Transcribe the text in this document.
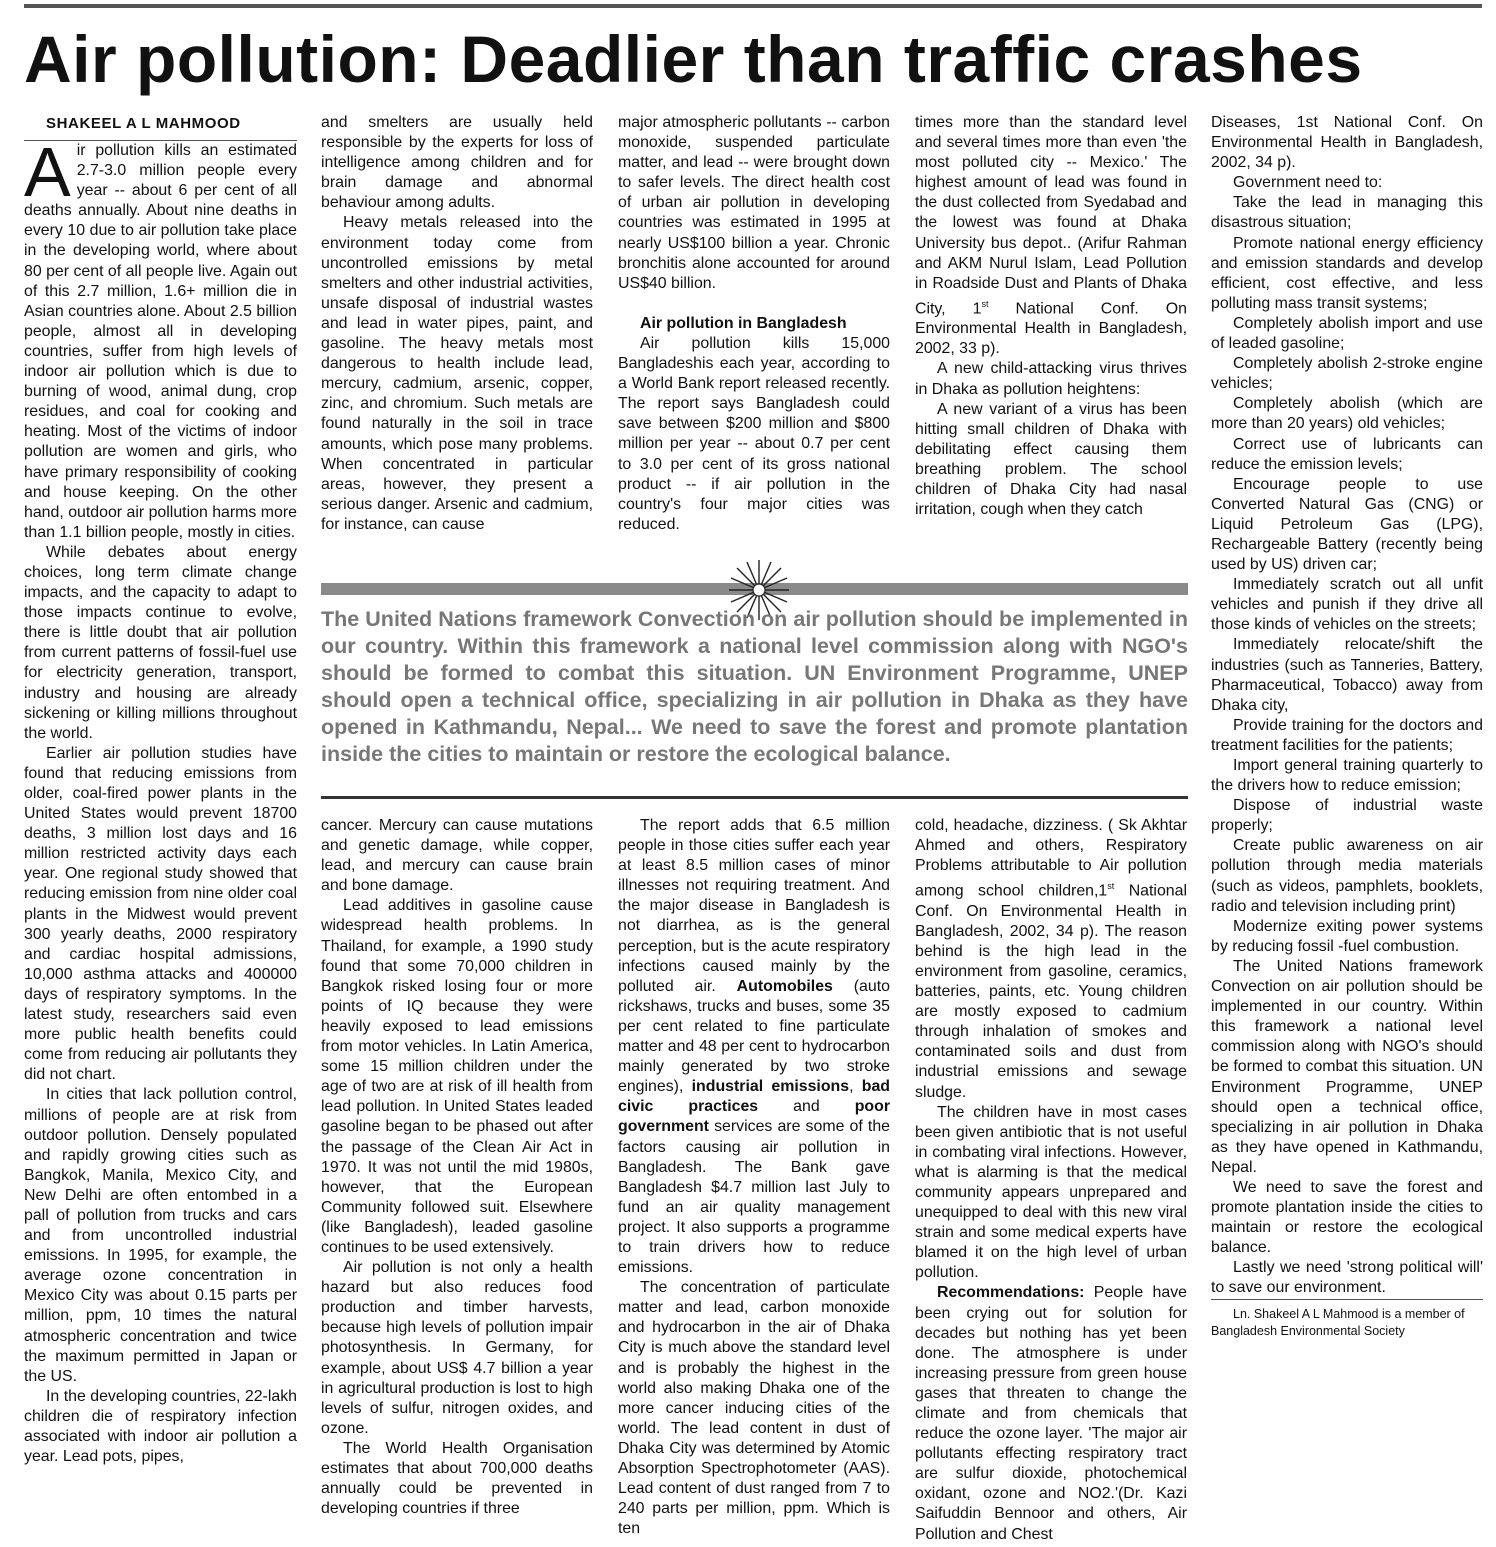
Air pollution: Deadlier than traffic crashes

SHAKEEL A L MAHMOOD

Air pollution kills an estimated 2.7-3.0 million people every year -- about 6 per cent of all deaths annually. About nine deaths in every 10 due to air pollution take place in the developing world, where about 80 per cent of all people live. Again out of this 2.7 million, 1.6+ million die in Asian countries alone. About 2.5 billion people, almost all in developing countries, suffer from high levels of indoor air pollution which is due to burning of wood, animal dung, crop residues, and coal for cooking and heating. Most of the victims of indoor pollution are women and girls, who have primary responsibility of cooking and house keeping. On the other hand, outdoor air pollution harms more than 1.1 billion people, mostly in cities.

While debates about energy choices, long term climate change impacts, and the capacity to adapt to those impacts continue to evolve, there is little doubt that air pollution from current patterns of fossil-fuel use for electricity generation, transport, industry and housing are already sickening or killing millions throughout the world.

Earlier air pollution studies have found that reducing emissions from older, coal-fired power plants in the United States would prevent 18700 deaths, 3 million lost days and 16 million restricted activity days each year. One regional study showed that reducing emission from nine older coal plants in the Midwest would prevent 300 yearly deaths, 2000 respiratory and cardiac hospital admissions, 10,000 asthma attacks and 400000 days of respiratory symptoms. In the latest study, researchers said even more public health benefits could come from reducing air pollutants they did not chart.

In cities that lack pollution control, millions of people are at risk from outdoor pollution. Densely populated and rapidly growing cities such as Bangkok, Manila, Mexico City, and New Delhi are often entombed in a pall of pollution from trucks and cars and from uncontrolled industrial emissions. In 1995, for example, the average ozone concentration in Mexico City was about 0.15 parts per million, ppm, 10 times the natural atmospheric concentration and twice the maximum permitted in Japan or the US.

In the developing countries, 22-lakh children die of respiratory infection associated with indoor air pollution a year. Lead pots, pipes,

and smelters are usually held responsible by the experts for loss of intelligence among children and for brain damage and abnormal behaviour among adults.

Heavy metals released into the environment today come from uncontrolled emissions by metal smelters and other industrial activities, unsafe disposal of industrial wastes and lead in water pipes, paint, and gasoline. The heavy metals most dangerous to health include lead, mercury, cadmium, arsenic, copper, zinc, and chromium. Such metals are found naturally in the soil in trace amounts, which pose many problems. When concentrated in particular areas, however, they present a serious danger. Arsenic and cadmium, for instance, can cause

major atmospheric pollutants -- carbon monoxide, suspended particulate matter, and lead -- were brought down to safer levels. The direct health cost of urban air pollution in developing countries was estimated in 1995 at nearly US$100 billion a year. Chronic bronchitis alone accounted for around US$40 billion.

Air pollution in Bangladesh

Air pollution kills 15,000 Bangladeshis each year, according to a World Bank report released recently. The report says Bangladesh could save between $200 million and $800 million per year -- about 0.7 per cent to 3.0 per cent of its gross national product -- if air pollution in the country's four major cities was reduced.

times more than the standard level and several times more than even 'the most polluted city -- Mexico.' The highest amount of lead was found in the dust collected from Syedabad and the lowest was found at Dhaka University bus depot.. (Arifur Rahman and AKM Nurul Islam, Lead Pollution in Roadside Dust and Plants of Dhaka City, 1st National Conf. On Environmental Health in Bangladesh, 2002, 33 p).

A new child-attacking virus thrives in Dhaka as pollution heightens:

A new variant of a virus has been hitting small children of Dhaka with debilitating effect causing them breathing problem. The school children of Dhaka City had nasal irritation, cough when they catch

The United Nations framework Convection on air pollution should be implemented in our country. Within this framework a national level commission along with NGO's should be formed to combat this situation. UN Environment Programme, UNEP should open a technical office, specializing in air pollution in Dhaka as they have opened in Kathmandu, Nepal... We need to save the forest and promote plantation inside the cities to maintain or restore the ecological balance.

cancer. Mercury can cause mutations and genetic damage, while copper, lead, and mercury can cause brain and bone damage.

Lead additives in gasoline cause widespread health problems. In Thailand, for example, a 1990 study found that some 70,000 children in Bangkok risked losing four or more points of IQ because they were heavily exposed to lead emissions from motor vehicles. In Latin America, some 15 million children under the age of two are at risk of ill health from lead pollution. In United States leaded gasoline began to be phased out after the passage of the Clean Air Act in 1970. It was not until the mid 1980s, however, that the European Community followed suit. Elsewhere (like Bangladesh), leaded gasoline continues to be used extensively.

Air pollution is not only a health hazard but also reduces food production and timber harvests, because high levels of pollution impair photosynthesis. In Germany, for example, about US$ 4.7 billion a year in agricultural production is lost to high levels of sulfur, nitrogen oxides, and ozone.

The World Health Organisation estimates that about 700,000 deaths annually could be prevented in developing countries if three

The report adds that 6.5 million people in those cities suffer each year at least 8.5 million cases of minor illnesses not requiring treatment. And the major disease in Bangladesh is not diarrhea, as is the general perception, but is the acute respiratory infections caused mainly by the polluted air. Automobiles (auto rickshaws, trucks and buses, some 35 per cent related to fine particulate matter and 48 per cent to hydrocarbon mainly generated by two stroke engines), industrial emissions, bad civic practices and poor government services are some of the factors causing air pollution in Bangladesh. The Bank gave Bangladesh $4.7 million last July to fund an air quality management project. It also supports a programme to train drivers how to reduce emissions.

The concentration of particulate matter and lead, carbon monoxide and hydrocarbon in the air of Dhaka City is much above the standard level and is probably the highest in the world also making Dhaka one of the more cancer inducing cities of the world. The lead content in dust of Dhaka City was determined by Atomic Absorption Spectrophotometer (AAS). Lead content of dust ranged from 7 to 240 parts per million, ppm. Which is ten

cold, headache, dizziness. ( Sk Akhtar Ahmed and others, Respiratory Problems attributable to Air pollution among school children,1st National Conf. On Environmental Health in Bangladesh, 2002, 34 p). The reason behind is the high lead in the environment from gasoline, ceramics, batteries, paints, etc. Young children are mostly exposed to cadmium through inhalation of smokes and contaminated soils and dust from industrial emissions and sewage sludge.

The children have in most cases been given antibiotic that is not useful in combating viral infections. However, what is alarming is that the medical community appears unprepared and unequipped to deal with this new viral strain and some medical experts have blamed it on the high level of urban pollution.

Recommendations: People have been crying out for solution for decades but nothing has yet been done. The atmosphere is under increasing pressure from green house gases that threaten to change the climate and from chemicals that reduce the ozone layer. 'The major air pollutants effecting respiratory tract are sulfur dioxide, photochemical oxidant, ozone and NO2.'(Dr. Kazi Saifuddin Bennoor and others, Air Pollution and Chest

Diseases, 1st National Conf. On Environmental Health in Bangladesh, 2002, 34 p).

Government need to:

Take the lead in managing this disastrous situation;

Promote national energy efficiency and emission standards and develop efficient, cost effective, and less polluting mass transit systems;

Completely abolish import and use of leaded gasoline;

Completely abolish 2-stroke engine vehicles;

Completely abolish (which are more than 20 years) old vehicles;

Correct use of lubricants can reduce the emission levels;

Encourage people to use Converted Natural Gas (CNG) or Liquid Petroleum Gas (LPG), Rechargeable Battery (recently being used by US) driven car;

Immediately scratch out all unfit vehicles and punish if they drive all those kinds of vehicles on the streets;

Immediately relocate/shift the industries (such as Tanneries, Battery, Pharmaceutical, Tobacco) away from Dhaka city,

Provide training for the doctors and treatment facilities for the patients;

Import general training quarterly to the drivers how to reduce emission;

Dispose of industrial waste properly;

Create public awareness on air pollution through media materials (such as videos, pamphlets, booklets, radio and television including print)

Modernize exiting power systems by reducing fossil -fuel combustion.

The United Nations framework Convection on air pollution should be implemented in our country. Within this framework a national level commission along with NGO's should be formed to combat this situation. UN Environment Programme, UNEP should open a technical office, specializing in air pollution in Dhaka as they have opened in Kathmandu, Nepal.

We need to save the forest and promote plantation inside the cities to maintain or restore the ecological balance.

Lastly we need 'strong political will' to save our environment.

Ln. Shakeel A L Mahmood is a member of Bangladesh Environmental Society
